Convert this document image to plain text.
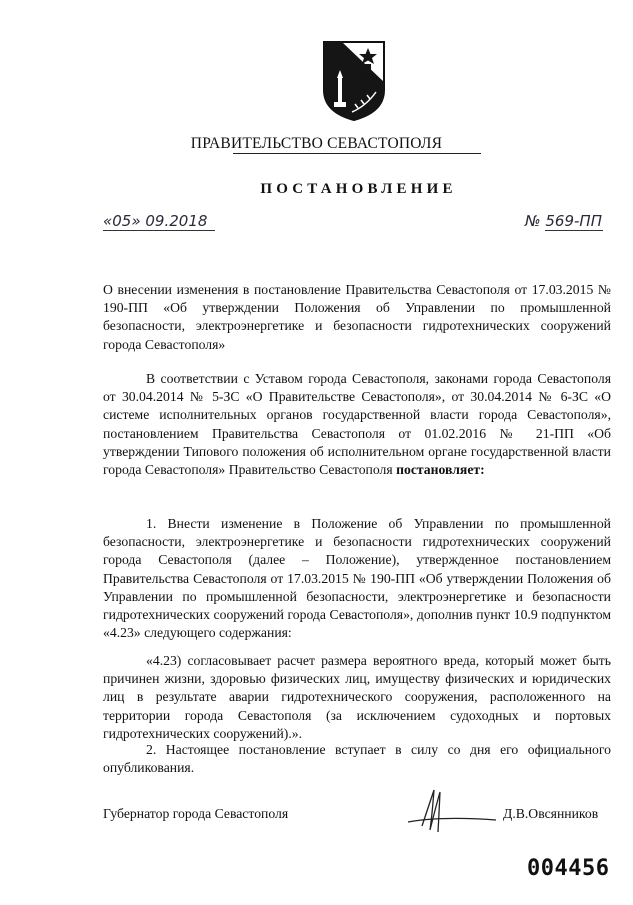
ПРАВИТЕЛЬСТВО СЕВАСТОПОЛЯ
ПОСТАНОВЛЕНИЕ
«05» 09.2018	№ 569-ПП
О внесении изменения в постановление Правительства Севастополя от 17.03.2015 № 190-ПП «Об утверждении Положения об Управлении по промышленной безопасности, электроэнергетике и безопасности гидротехнических сооружений города Севастополя»
В соответствии с Уставом города Севастополя, законами города Севастополя от 30.04.2014 № 5-ЗС «О Правительстве Севастополя», от 30.04.2014 № 6-ЗС «О системе исполнительных органов государственной власти города Севастополя», постановлением Правительства Севастополя от 01.02.2016 № 21-ПП «Об утверждении Типового положения об исполнительном органе государственной власти города Севастополя» Правительство Севастополя постановляет:
1. Внести изменение в Положение об Управлении по промышленной безопасности, электроэнергетике и безопасности гидротехнических сооружений города Севастополя (далее – Положение), утвержденное постановлением Правительства Севастополя от 17.03.2015 № 190-ПП «Об утверждении Положения об Управлении по промышленной безопасности, электроэнергетике и безопасности гидротехнических сооружений города Севастополя», дополнив пункт 10.9 подпунктом «4.23» следующего содержания:
«4.23) согласовывает расчет размера вероятного вреда, который может быть причинен жизни, здоровью физических лиц, имуществу физических и юридических лиц в результате аварии гидротехнического сооружения, расположенного на территории города Севастополя (за исключением судоходных и портовых гидротехнических сооружений).».
2. Настоящее постановление вступает в силу со дня его официального опубликования.
Губернатор города Севастополя	Д.В.Овсянников
004456
